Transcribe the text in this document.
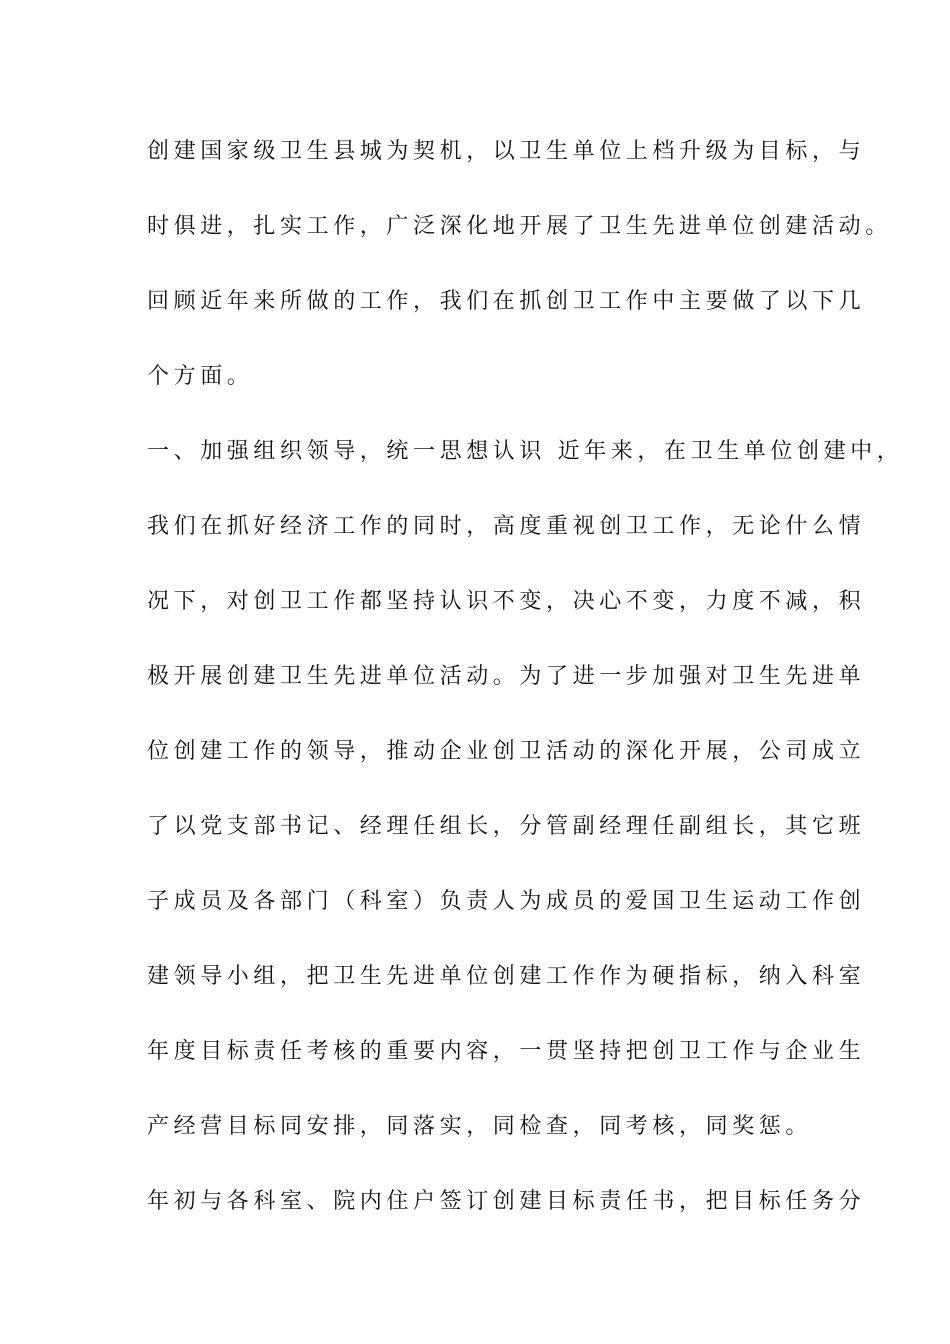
创建国家级卫生县城为契机，以卫生单位上档升级为目标，与
时俱进，扎实工作，广泛深化地开展了卫生先进单位创建活动。
回顾近年来所做的工作，我们在抓创卫工作中主要做了以下几
个方面。
一、加强组织领导，统一思想认识 近年来，在卫生单位创建中，
我们在抓好经济工作的同时，高度重视创卫工作，无论什么情
况下，对创卫工作都坚持认识不变，决心不变，力度不减，积
极开展创建卫生先进单位活动。为了进一步加强对卫生先进单
位创建工作的领导，推动企业创卫活动的深化开展，公司成立
了以党支部书记、经理任组长，分管副经理任副组长，其它班
子成员及各部门（科室）负责人为成员的爱国卫生运动工作创
建领导小组，把卫生先进单位创建工作作为硬指标，纳入科室
年度目标责任考核的重要内容，一贯坚持把创卫工作与企业生
产经营目标同安排，同落实，同检查，同考核，同奖惩。
年初与各科室、院内住户签订创建目标责任书，把目标任务分
